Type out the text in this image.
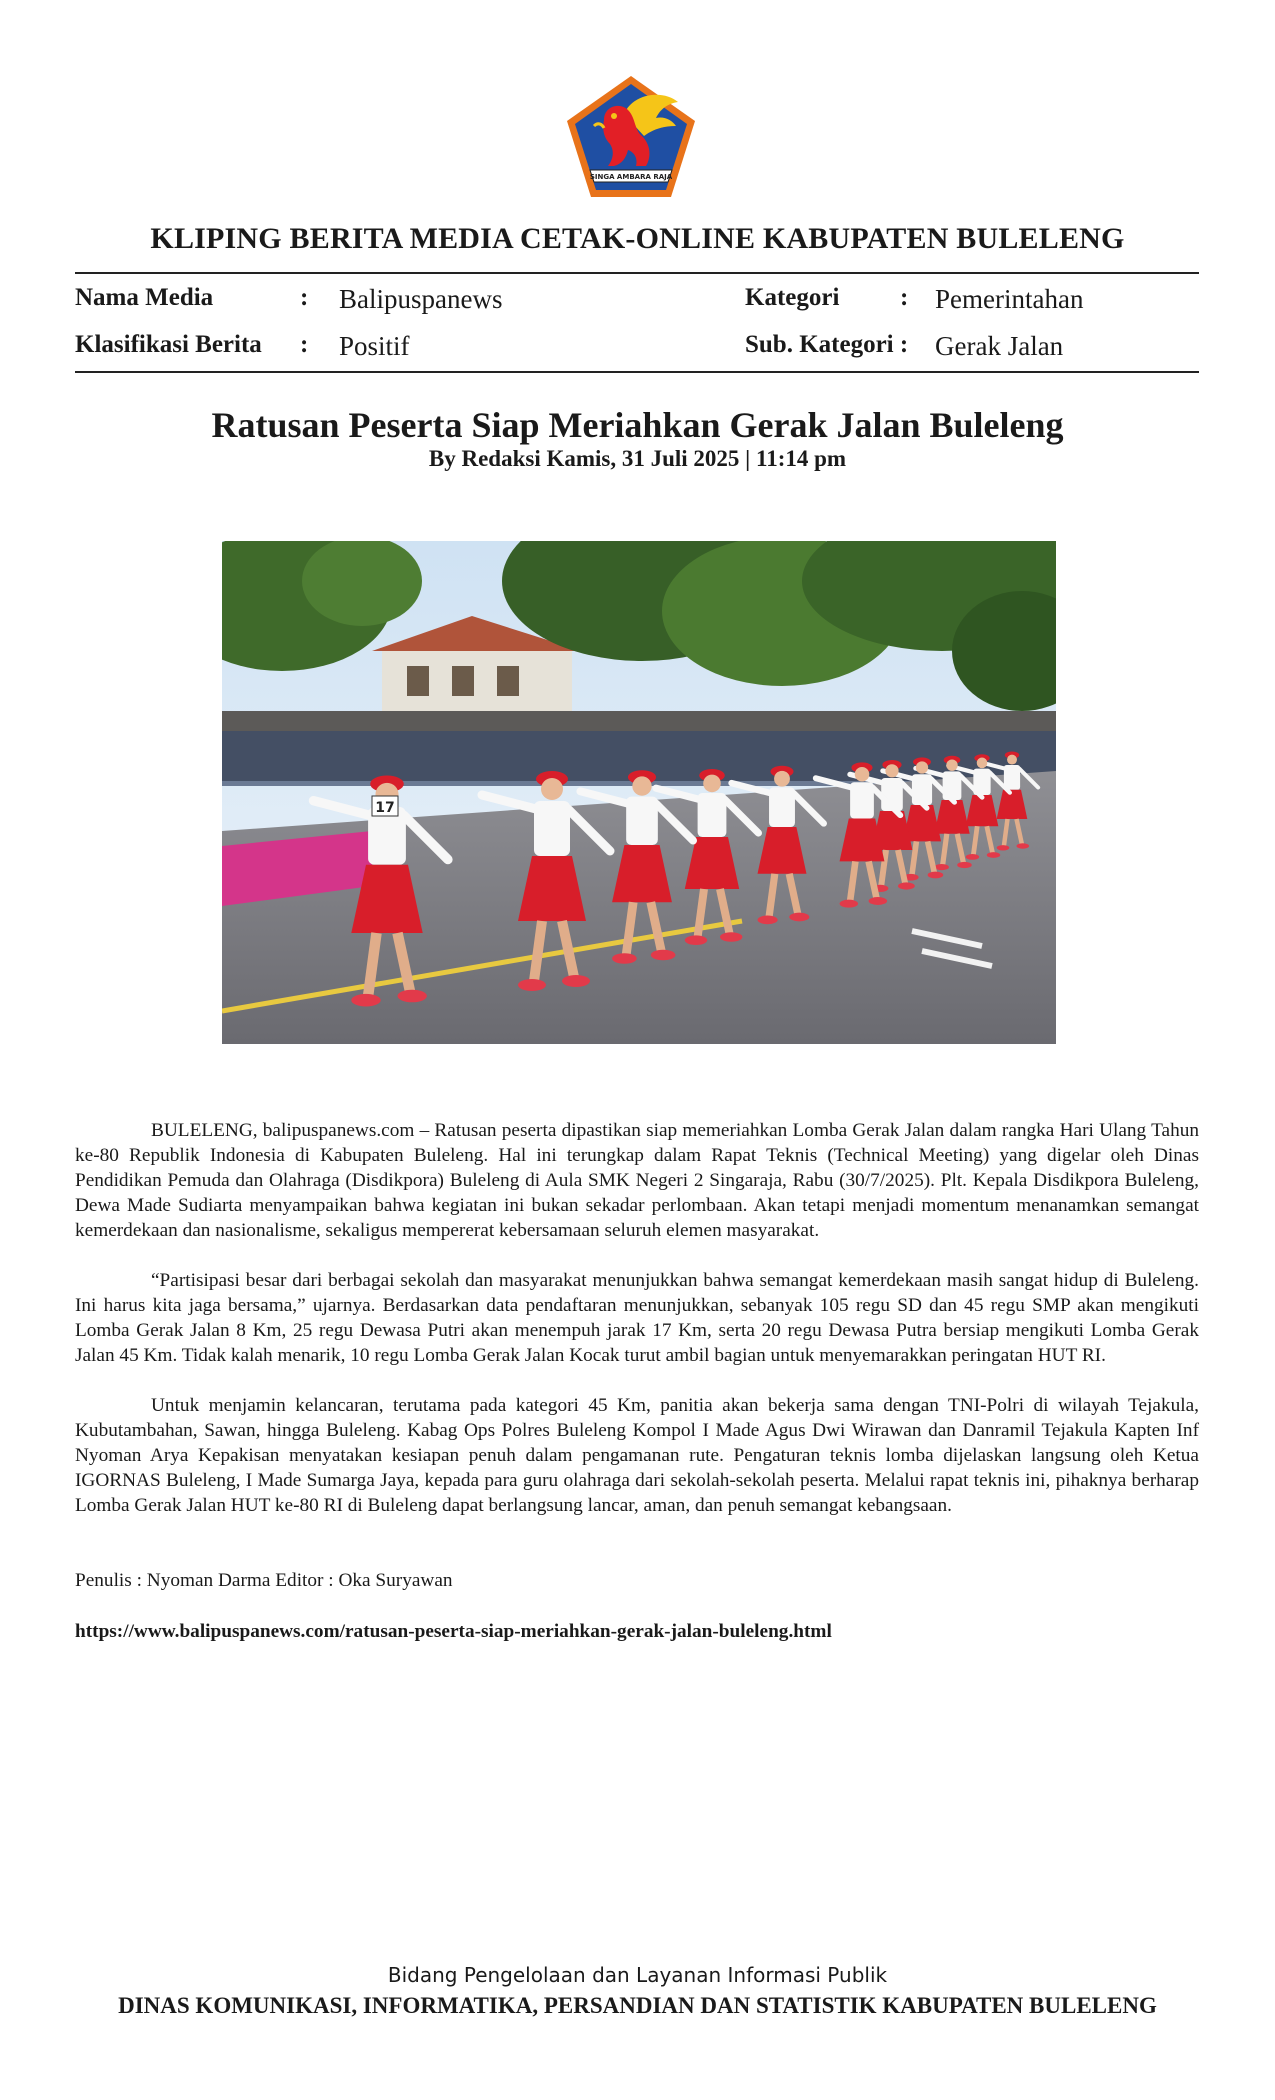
SINGA AMBARA RAJA
KLIPING BERITA MEDIA CETAK-ONLINE KABUPATEN BULELENG
Nama Media	: Balipuspanews
Klasifikasi Berita : Positif
Kategori : Pemerintahan
Sub. Kategori : Gerak Jalan
Ratusan Peserta Siap Meriahkan Gerak Jalan Buleleng
By Redaksi Kamis, 31 Juli 2025 | 11:14 pm
17

BULELENG, balipuspanews.com – Ratusan peserta dipastikan siap memeriahkan Lomba Gerak Jalan dalam rangka Hari Ulang Tahun ke-80 Republik Indonesia di Kabupaten Buleleng. Hal ini terungkap dalam Rapat Teknis (Technical Meeting) yang digelar oleh Dinas Pendidikan Pemuda dan Olahraga (Disdikpora) Buleleng di Aula SMK Negeri 2 Singaraja, Rabu (30/7/2025). Plt. Kepala Disdikpora Buleleng, Dewa Made Sudiarta menyampaikan bahwa kegiatan ini bukan sekadar perlombaan. Akan tetapi menjadi momentum menanamkan semangat kemerdekaan dan nasionalisme, sekaligus mempererat kebersamaan seluruh elemen masyarakat.

“Partisipasi besar dari berbagai sekolah dan masyarakat menunjukkan bahwa semangat kemerdekaan masih sangat hidup di Buleleng. Ini harus kita jaga bersama,” ujarnya. Berdasarkan data pendaftaran menunjukkan, sebanyak 105 regu SD dan 45 regu SMP akan mengikuti Lomba Gerak Jalan 8 Km, 25 regu Dewasa Putri akan menempuh jarak 17 Km, serta 20 regu Dewasa Putra bersiap mengikuti Lomba Gerak Jalan 45 Km. Tidak kalah menarik, 10 regu Lomba Gerak Jalan Kocak turut ambil bagian untuk menyemarakkan peringatan HUT RI.

Untuk menjamin kelancaran, terutama pada kategori 45 Km, panitia akan bekerja sama dengan TNI-Polri di wilayah Tejakula, Kubutambahan, Sawan, hingga Buleleng. Kabag Ops Polres Buleleng Kompol I Made Agus Dwi Wirawan dan Danramil Tejakula Kapten Inf Nyoman Arya Kepakisan menyatakan kesiapan penuh dalam pengamanan rute. Pengaturan teknis lomba dijelaskan langsung oleh Ketua IGORNAS Buleleng, I Made Sumarga Jaya, kepada para guru olahraga dari sekolah-sekolah peserta. Melalui rapat teknis ini, pihaknya berharap Lomba Gerak Jalan HUT ke-80 RI di Buleleng dapat berlangsung lancar, aman, dan penuh semangat kebangsaan.

Penulis : Nyoman Darma Editor : Oka Suryawan
https://www.balipuspanews.com/ratusan-peserta-siap-meriahkan-gerak-jalan-buleleng.html
Bidang Pengelolaan dan Layanan Informasi Publik
DINAS KOMUNIKASI, INFORMATIKA, PERSANDIAN DAN STATISTIK KABUPATEN BULELENG
